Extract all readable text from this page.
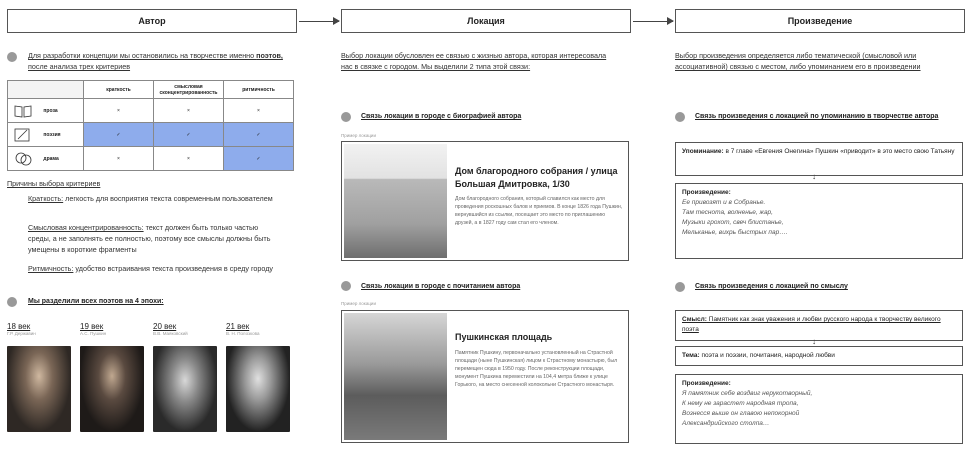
Автор	Локация	Произведение
Для разработки концепции мы остановились на творчестве именно поэтов, после анализа трех критериев
	краткость	смысловая сконцентрированность	ритмичность
проза	×	×	×
поэзия	✓	✓	✓
драма	×	×	✓
Причины выбора критериев
Краткость: легкость для восприятия текста современным пользователем
Смысловая концентрированность: текст должен быть только частью среды, а не заполнять ее полностью, поэтому все смыслы должны быть умещены в короткие фрагменты
Ритмичность: удобство встраивания текста произведения в среду городу
Мы разделили всех поэтов на 4 эпохи:
18 век
Г.Р. Державин
19 век
А.С. Пушкин
20 век
В.В. Маяковский
21 век
В. Н. Полозкова
Выбор локации обусловлен ее связью с жизнью автора, которая интересовала нас в связке с городом. Мы выделили 2 типа этой связи:
Связь локации в городе с биографией автора
Пример локации
Дом благородного собрания / улица Большая Дмитровка, 1/30
Дом благородного собрания, который славился как место для проведения роскошных балов и приемов. В конце 1826 года Пушкин, вернувшийся из ссылки, посещает это место по приглашению друзей, а в 1827 году сам стал его членом.
Связь локации в городе с почитанием автора
Пример локации
Пушкинская площадь
Памятник Пушкину, первоначально установленный на Страстной площади (ныне Пушкинская) лицом к Страстному монастырю, был перемещен сюда в 1950 году. После реконструкции площади, монумент Пушкина переместили на 104,4 метра ближе к улице Горького, на место снесенной колокольни Страстного монастыря.
Выбор произведения определяется либо тематической (смысловой или ассоциативной) связью с местом, либо упоминанием его в произведении
Связь произведения с локацией по упоминанию в творчестве автора
Упоминание: в 7 главе «Евгения Онегина» Пушкин «приводит» в это место свою Татьяну
↓
Произведение:
Ее привозят и в Собранье.
Там теснота, волненье, жар,
Музыки грохот, свеч блистанье,
Мельканье, вихрь быстрых пар….
Связь произведения с локацией по смыслу
Смысл: Памятник как знак уважения и любви русского народа к творчеству великого поэта
↓
Тема: поэта и поэзии, почитания, народной любви
Произведение:
Я памятник себе воздвиг нерукотворный,
К нему не зарастет народная тропа,
Вознесся выше он главою непокорной
Александрийского столпа…
